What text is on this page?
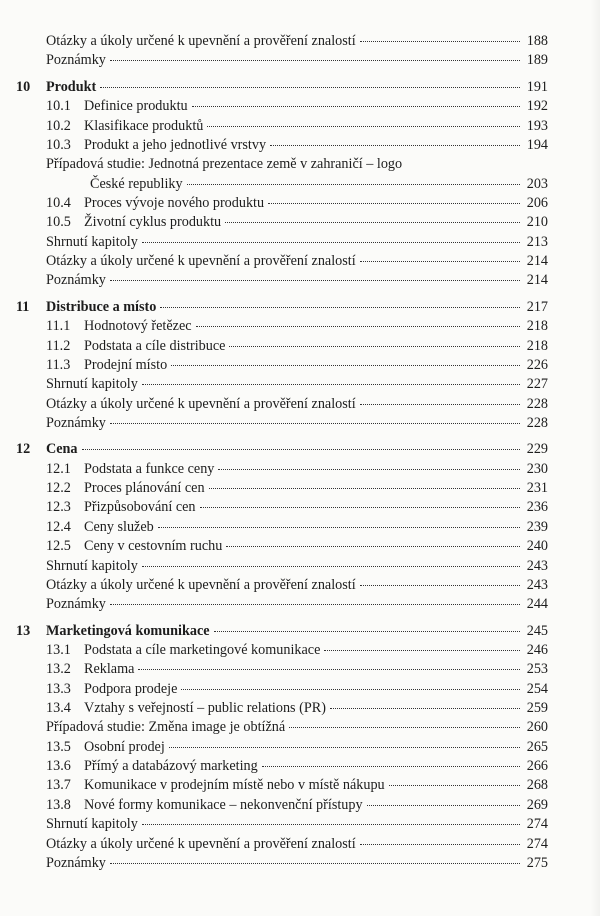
Otázky a úkoly určené k upevnění a prověření znalostí	188
Poznámky	189
10 Produkt	191
10.1 Definice produktu	192
10.2 Klasifikace produktů	193
10.3 Produkt a jeho jednotlivé vrstvy	194
Případová studie: Jednotná prezentace země v zahraničí – logo
České republiky	203
10.4 Proces vývoje nového produktu	206
10.5 Životní cyklus produktu	210
Shrnutí kapitoly	213
Otázky a úkoly určené k upevnění a prověření znalostí	214
Poznámky	214
11 Distribuce a místo	217
11.1 Hodnotový řetězec	218
11.2 Podstata a cíle distribuce	218
11.3 Prodejní místo	226
Shrnutí kapitoly	227
Otázky a úkoly určené k upevnění a prověření znalostí	228
Poznámky	228
12 Cena	229
12.1 Podstata a funkce ceny	230
12.2 Proces plánování cen	231
12.3 Přizpůsobování cen	236
12.4 Ceny služeb	239
12.5 Ceny v cestovním ruchu	240
Shrnutí kapitoly	243
Otázky a úkoly určené k upevnění a prověření znalostí	243
Poznámky	244
13 Marketingová komunikace	245
13.1 Podstata a cíle marketingové komunikace	246
13.2 Reklama	253
13.3 Podpora prodeje	254
13.4 Vztahy s veřejností – public relations (PR)	259
Případová studie: Změna image je obtížná	260
13.5 Osobní prodej	265
13.6 Přímý a databázový marketing	266
13.7 Komunikace v prodejním místě nebo v místě nákupu	268
13.8 Nové formy komunikace – nekonvenční přístupy	269
Shrnutí kapitoly	274
Otázky a úkoly určené k upevnění a prověření znalostí	274
Poznámky	275
